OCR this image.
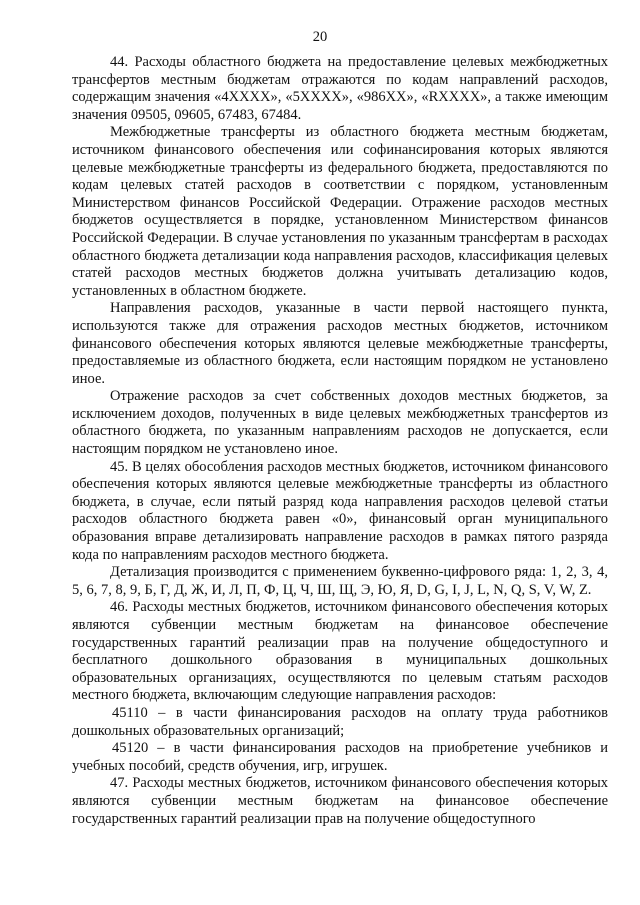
20

44. Расходы областного бюджета на предоставление целевых межбюджетных трансфертов местным бюджетам отражаются по кодам направлений расходов, содержащим значения «4XXXX», «5XXXX», «986XX», «RXXXX», а также имеющим значения 09505, 09605, 67483, 67484.

Межбюджетные трансферты из областного бюджета местным бюджетам, источником финансового обеспечения или софинансирования которых являются целевые межбюджетные трансферты из федерального бюджета, предоставляются по кодам целевых статей расходов в соответствии с порядком, установленным Министерством финансов Российской Федерации. Отражение расходов местных бюджетов осуществляется в порядке, установленном Министерством финансов Российской Федерации. В случае установления по указанным трансфертам в расходах областного бюджета детализации кода направления расходов, классификация целевых статей расходов местных бюджетов должна учитывать детализацию кодов, установленных в областном бюджете.

Направления расходов, указанные в части первой настоящего пункта, используются также для отражения расходов местных бюджетов, источником финансового обеспечения которых являются целевые межбюджетные трансферты, предоставляемые из областного бюджета, если настоящим порядком не установлено иное.

Отражение расходов за счет собственных доходов местных бюджетов, за исключением доходов, полученных в виде целевых межбюджетных трансфертов из областного бюджета, по указанным направлениям расходов не допускается, если настоящим порядком не установлено иное.

45. В целях обособления расходов местных бюджетов, источником финансового обеспечения которых являются целевые межбюджетные трансферты из областного бюджета, в случае, если пятый разряд кода направления расходов целевой статьи расходов областного бюджета равен «0», финансовый орган муниципального образования вправе детализировать направление расходов в рамках пятого разряда кода по направлениям расходов местного бюджета.

Детализация производится с применением буквенно-цифрового ряда: 1, 2, 3, 4, 5, 6, 7, 8, 9, Б, Г, Д, Ж, И, Л, П, Ф, Ц, Ч, Ш, Щ, Э, Ю, Я, D, G, I, J, L, N, Q, S, V, W, Z.

46. Расходы местных бюджетов, источником финансового обеспечения которых являются субвенции местным бюджетам на финансовое обеспечение государственных гарантий реализации прав на получение общедоступного и бесплатного дошкольного образования в муниципальных дошкольных образовательных организациях, осуществляются по целевым статьям расходов местного бюджета, включающим следующие направления расходов:

45110 – в части финансирования расходов на оплату труда работников дошкольных образовательных организаций;

45120 – в части финансирования расходов на приобретение учебников и учебных пособий, средств обучения, игр, игрушек.

47. Расходы местных бюджетов, источником финансового обеспечения которых являются субвенции местным бюджетам на финансовое обеспечение государственных гарантий реализации прав на получение общедоступного
